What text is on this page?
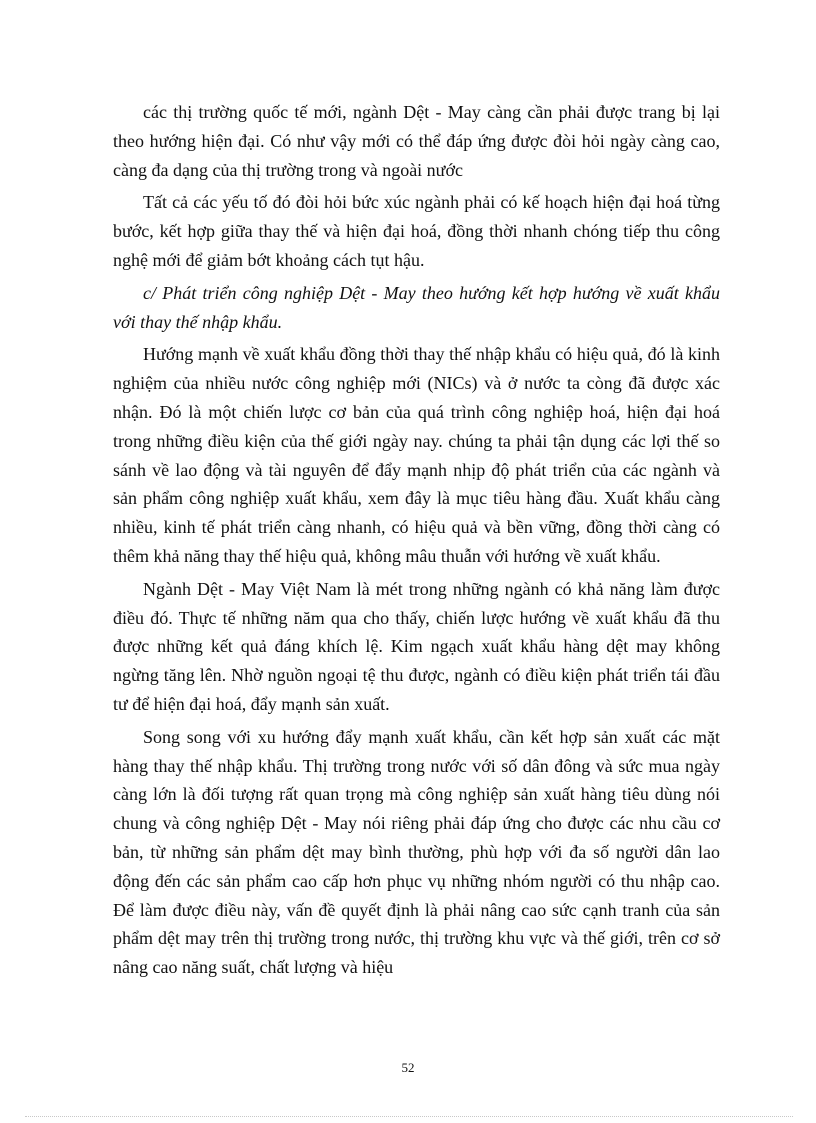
các thị trường quốc tế mới, ngành Dệt - May càng cần phải được trang bị lại theo hướng hiện đại. Có như vậy mới có thể đáp ứng được đòi hỏi ngày càng cao, càng đa dạng của thị trường trong và ngoài nước

Tất cả các yếu tố đó đòi hỏi bức xúc ngành phải có kế hoạch hiện đại hoá từng bước, kết hợp giữa thay thế và hiện đại hoá, đồng thời nhanh chóng tiếp thu công nghệ mới để giảm bớt khoảng cách tụt hậu.

c/ Phát triển công nghiệp Dệt - May theo hướng kết hợp hướng về xuất khẩu với thay thế nhập khẩu.

Hướng mạnh về xuất khẩu đồng thời thay thế nhập khẩu có hiệu quả, đó là kinh nghiệm của nhiều nước công nghiệp mới (NICs) và ở nước ta còng đã được xác nhận. Đó là một chiến lược cơ bản của quá trình công nghiệp hoá, hiện đại hoá trong những điều kiện của thế giới ngày nay. chúng ta phải tận dụng các lợi thế so sánh về lao động và tài nguyên để đẩy mạnh nhịp độ phát triển của các ngành và sản phẩm công nghiệp xuất khẩu, xem đây là mục tiêu hàng đầu. Xuất khẩu càng nhiều, kinh tế phát triển càng nhanh, có hiệu quả và bền vững, đồng thời càng có thêm khả năng thay thế hiệu quả, không mâu thuẫn với hướng về xuất khẩu.

Ngành Dệt - May Việt Nam là mét trong những ngành có khả năng làm được điều đó. Thực tế những năm qua cho thấy, chiến lược hướng về xuất khẩu đã thu được những kết quả đáng khích lệ. Kim ngạch xuất khẩu hàng dệt may không ngừng tăng lên. Nhờ nguồn ngoại tệ thu được, ngành có điều kiện phát triển tái đầu tư để hiện đại hoá, đẩy mạnh sản xuất.

Song song với xu hướng đẩy mạnh xuất khẩu, cần kết hợp sản xuất các mặt hàng thay thế nhập khẩu. Thị trường trong nước với số dân đông và sức mua ngày càng lớn là đối tượng rất quan trọng mà công nghiệp sản xuất hàng tiêu dùng nói chung và công nghiệp Dệt - May nói riêng phải đáp ứng cho được các nhu cầu cơ bản, từ những sản phẩm dệt may bình thường, phù hợp với đa số người dân lao động đến các sản phẩm cao cấp hơn phục vụ những nhóm người có thu nhập cao. Để làm được điều này, vấn đề quyết định là phải nâng cao sức cạnh tranh của sản phẩm dệt may trên thị trường trong nước, thị trường khu vực và thế giới, trên cơ sở nâng cao năng suất, chất lượng và hiệu

52
